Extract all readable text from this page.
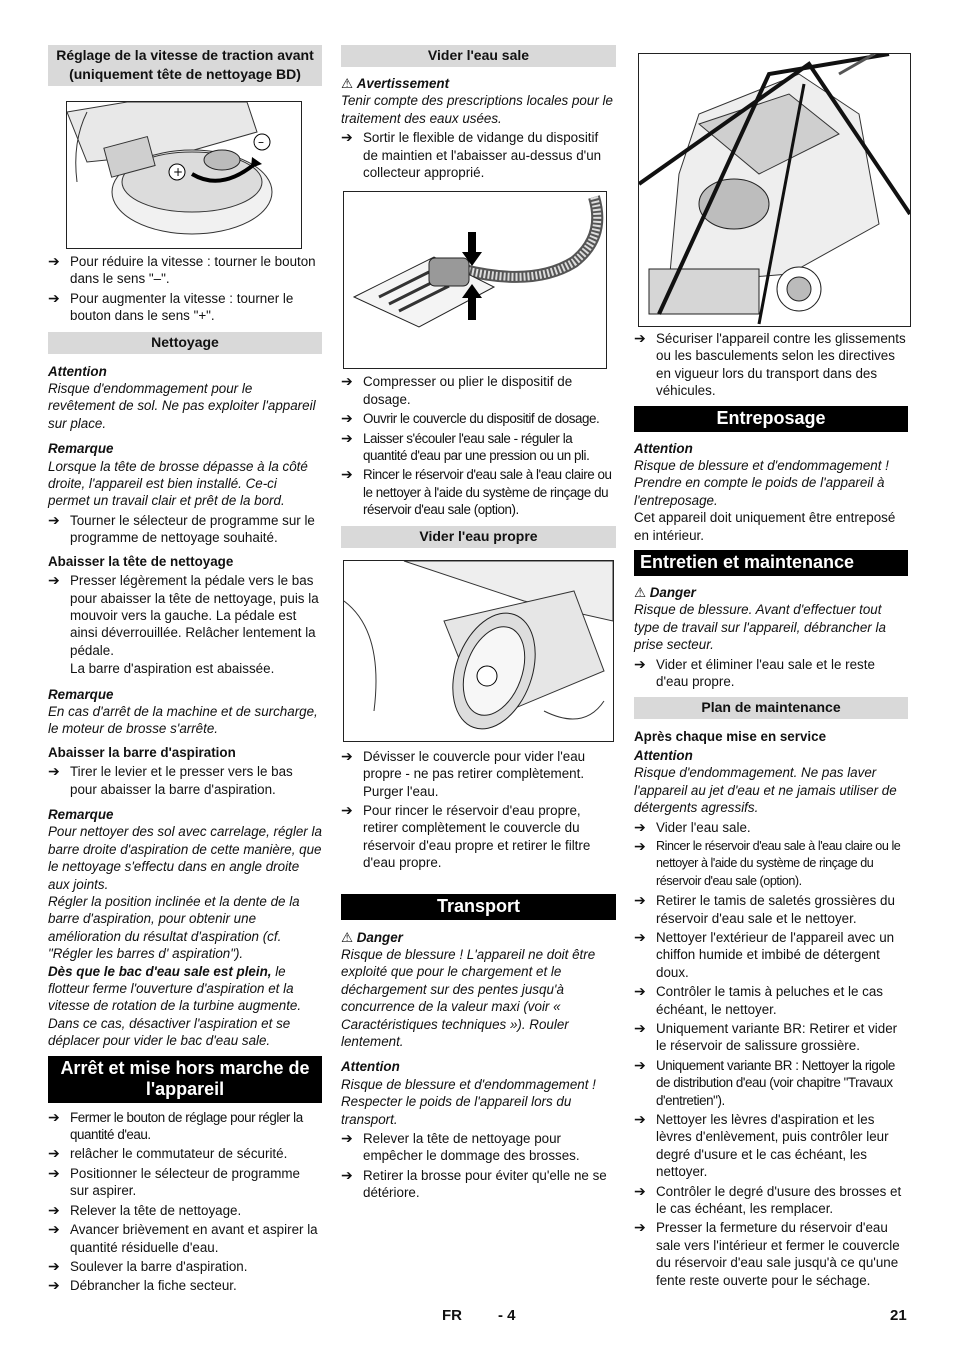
Réglage de la vitesse de traction avant (uniquement tête de nettoyage BD)
+
–
➔ Pour réduire la vitesse : tourner le bouton dans le sens "–".
➔ Pour augmenter la vitesse : tourner le bouton dans le sens "+".
Nettoyage
Attention

Risque d'endommagement pour le revêtement de sol. Ne pas exploiter l'appareil sur place.

Remarque

Lorsque la tête de brosse dépasse à la côté droite, l'appareil est bien installé. Ce-ci permet un travail clair et prêt de la bord.

➔ Tourner le sélecteur de programme sur le programme de nettoyage souhaité.
Abaisser la tête de nettoyage
➔ Presser légèrement la pédale vers le bas pour abaisser la tête de nettoyage, puis la mouvoir vers la gauche. La pédale est ainsi déverrouillée. Relâcher lentement la pédale.

La barre d'aspiration est abaissée.

Remarque

En cas d'arrêt de la machine et de surcharge, le moteur de brosse s'arrête.

Abaisser la barre d'aspiration
➔ Tirer le levier et le presser vers le bas pour abaisser la barre d'aspiration.
Remarque

Pour nettoyer des sol avec carrelage, régler la barre droite d'aspiration de cette manière, que le nettoyage s'effectu dans en angle droite aux joints.

Régler la position inclinée et la dente de la barre d'aspiration, pour obtenir une amélioration du résultat d'aspiration (cf. "Régler les barres d' aspiration").

Dès que le bac d'eau sale est plein, le flotteur ferme l'ouverture d'aspiration et la vitesse de rotation de la turbine augmente. Dans ce cas, désactiver l'aspiration et se déplacer pour vider le bac d'eau sale.

Arrêt et mise hors marche de l'appareil
➔ Fermer le bouton de réglage pour régler la quantité d'eau.
➔ relâcher le commutateur de sécurité.
➔ Positionner le sélecteur de programme sur aspirer.
➔ Relever la tête de nettoyage.
➔ Avancer brièvement en avant et aspirer la quantité résiduelle d'eau.
➔ Soulever la barre d'aspiration.
➔ Débrancher la fiche secteur.
Vider l'eau sale
⚠ Avertissement

Tenir compte des prescriptions locales pour le traitement des eaux usées.

➔ Sortir le flexible de vidange du dispositif de maintien et l'abaisser au-dessus d'un collecteur approprié.
➔ Compresser ou plier le dispositif de dosage.
➔ Ouvrir le couvercle du dispositif de dosage.
➔ Laisser s'écouler l'eau sale - réguler la quantité d'eau par une pression ou un pli.
➔ Rincer le réservoir d'eau sale à l'eau claire ou le nettoyer à l'aide du système de rinçage du réservoir d'eau sale (option).
Vider l'eau propre
➔ Dévisser le couvercle pour vider l'eau propre - ne pas retirer complètement. Purger l'eau.
➔ Pour rincer le réservoir d'eau propre, retirer complètement le couvercle du réservoir d'eau propre et retirer le filtre d'eau propre.
Transport
⚠ Danger

Risque de blessure ! L'appareil ne doit être exploité que pour le chargement et le déchargement sur des pentes jusqu'à concurrence de la valeur maxi (voir « Caractéristiques techniques »). Rouler lentement.

Attention

Risque de blessure et d'endommagement ! Respecter le poids de l'appareil lors du transport.

➔ Relever la tête de nettoyage pour empêcher le dommage des brosses.
➔ Retirer la brosse pour éviter qu'elle ne se détériore.
➔ Sécuriser l'appareil contre les glissements ou les basculements selon les directives en vigueur lors du transport dans des véhicules.
Entreposage
Attention

Risque de blessure et d'endommagement ! Prendre en compte le poids de l'appareil à l'entreposage.

Cet appareil doit uniquement être entreposé en intérieur.

Entretien et maintenance
⚠ Danger

Risque de blessure. Avant d'effectuer tout type de travail sur l'appareil, débrancher la prise secteur.

➔ Vider et éliminer l'eau sale et le reste d'eau propre.
Plan de maintenance
Après chaque mise en service
Attention

Risque d'endommagement. Ne pas laver l'appareil au jet d'eau et ne jamais utiliser de détergents agressifs.

➔ Vider l'eau sale.
➔ Rincer le réservoir d'eau sale à l'eau claire ou le nettoyer à l'aide du système de rinçage du réservoir d'eau sale (option).
➔ Retirer le tamis de saletés grossières du réservoir d'eau sale et le nettoyer.
➔ Nettoyer l'extérieur de l'appareil avec un chiffon humide et imbibé de détergent doux.
➔ Contrôler le tamis à peluches et le cas échéant, le nettoyer.
➔ Uniquement variante BR: Retirer et vider le réservoir de salissure grossière.
➔ Uniquement variante BR : Nettoyer la rigole de distribution d'eau (voir chapitre "Travaux d'entretien").
➔ Nettoyer les lèvres d'aspiration et les lèvres d'enlèvement, puis contrôler leur degré d'usure et le cas échéant, les nettoyer.
➔ Contrôler le degré d'usure des brosses et le cas échéant, les remplacer.
➔ Presser la fermeture du réservoir d'eau sale vers l'intérieur et fermer le couvercle du réservoir d'eau sale jusqu'à ce qu'une fente reste ouverte pour le séchage.
FR - 4	21
